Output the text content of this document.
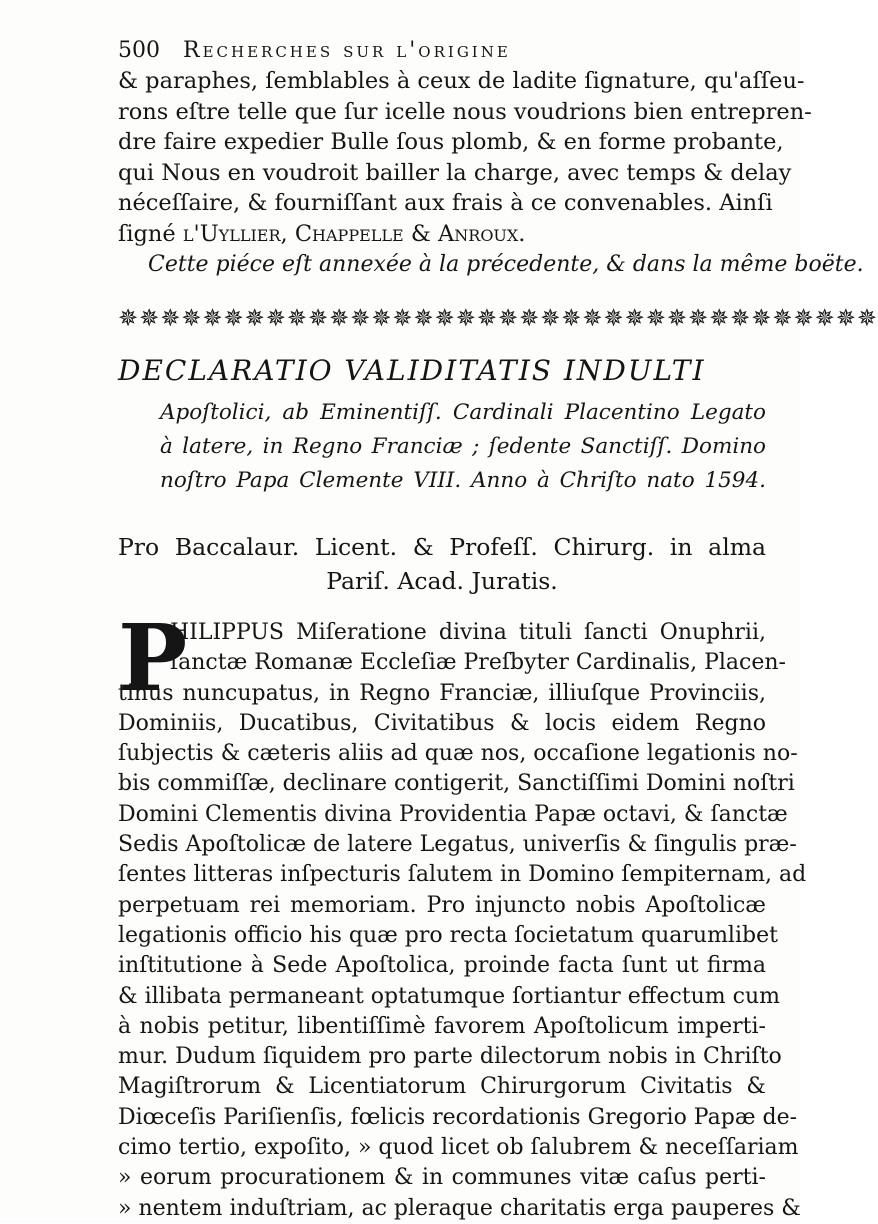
500 Recherches sur l'origine
& paraphes, ſemblables à ceux de ladite ſignature, qu'aſſeu-
rons eſtre telle que ſur icelle nous voudrions bien entrepren-
dre faire expedier Bulle ſous plomb, & en forme probante,
qui Nous en voudroit bailler la charge, avec temps & delay
néceſſaire, & fourniſſant aux frais à ce convenables. Ainſi
ſigné l'Uyllier, Chappelle & Anroux.
Cette piéce eſt annexée à la précedente, & dans la même boëte.
✵✵✵✵✵✵✵✵✵✵✵✵✵✵✵✵✵✵✵✵✵✵✵✵✵✵✵✵✵✵✵✵✵✵✵✵
DECLARATIO VALIDITATIS INDULTI
Apoſtolici, ab Eminentiſſ. Cardinali Placentino Legato
à latere, in Regno Franciæ ; ſedente Sanctiſſ. Domino
noſtro Papa Clemente VIII. Anno à Chriſto nato 1594.
Pro Baccalaur. Licent. & Profeſſ. Chirurg. in alma
Pariſ. Acad. Juratis.
P
HILIPPUS Miſeratione divina tituli ſancti Onuphrii,
ſanctæ Romanæ Eccleſiæ Preſbyter Cardinalis, Placen-
tinus nuncupatus, in Regno Franciæ, illiuſque Provinciis,
Dominiis, Ducatibus, Civitatibus & locis eidem Regno
ſubjectis & cæteris aliis ad quæ nos, occaſione legationis no-
bis commiſſæ, declinare contigerit, Sanctiſſimi Domini noſtri
Domini Clementis divina Providentia Papæ octavi, & ſanctæ
Sedis Apoſtolicæ de latere Legatus, univerſis & ſingulis præ-
ſentes litteras inſpecturis ſalutem in Domino ſempiternam, ad
perpetuam rei memoriam. Pro injuncto nobis Apoſtolicæ
legationis officio his quæ pro recta ſocietatum quarumlibet
inſtitutione à Sede Apoſtolica, proinde facta ſunt ut firma
& illibata permaneant optatumque ſortiantur effectum cum
à nobis petitur, libentiſſimè favorem Apoſtolicum imperti-
mur. Dudum ſiquidem pro parte dilectorum nobis in Chriſto
Magiſtrorum & Licentiatorum Chirurgorum Civitatis &
Diœceſis Pariſienſis, fœlicis recordationis Gregorio Papæ de-
cimo tertio, expoſito, » quod licet ob ſalubrem & neceſſariam
» eorum procurationem & in communes vitæ caſus perti-
» nentem induſtriam, ac pleraque charitatis erga pauperes &
